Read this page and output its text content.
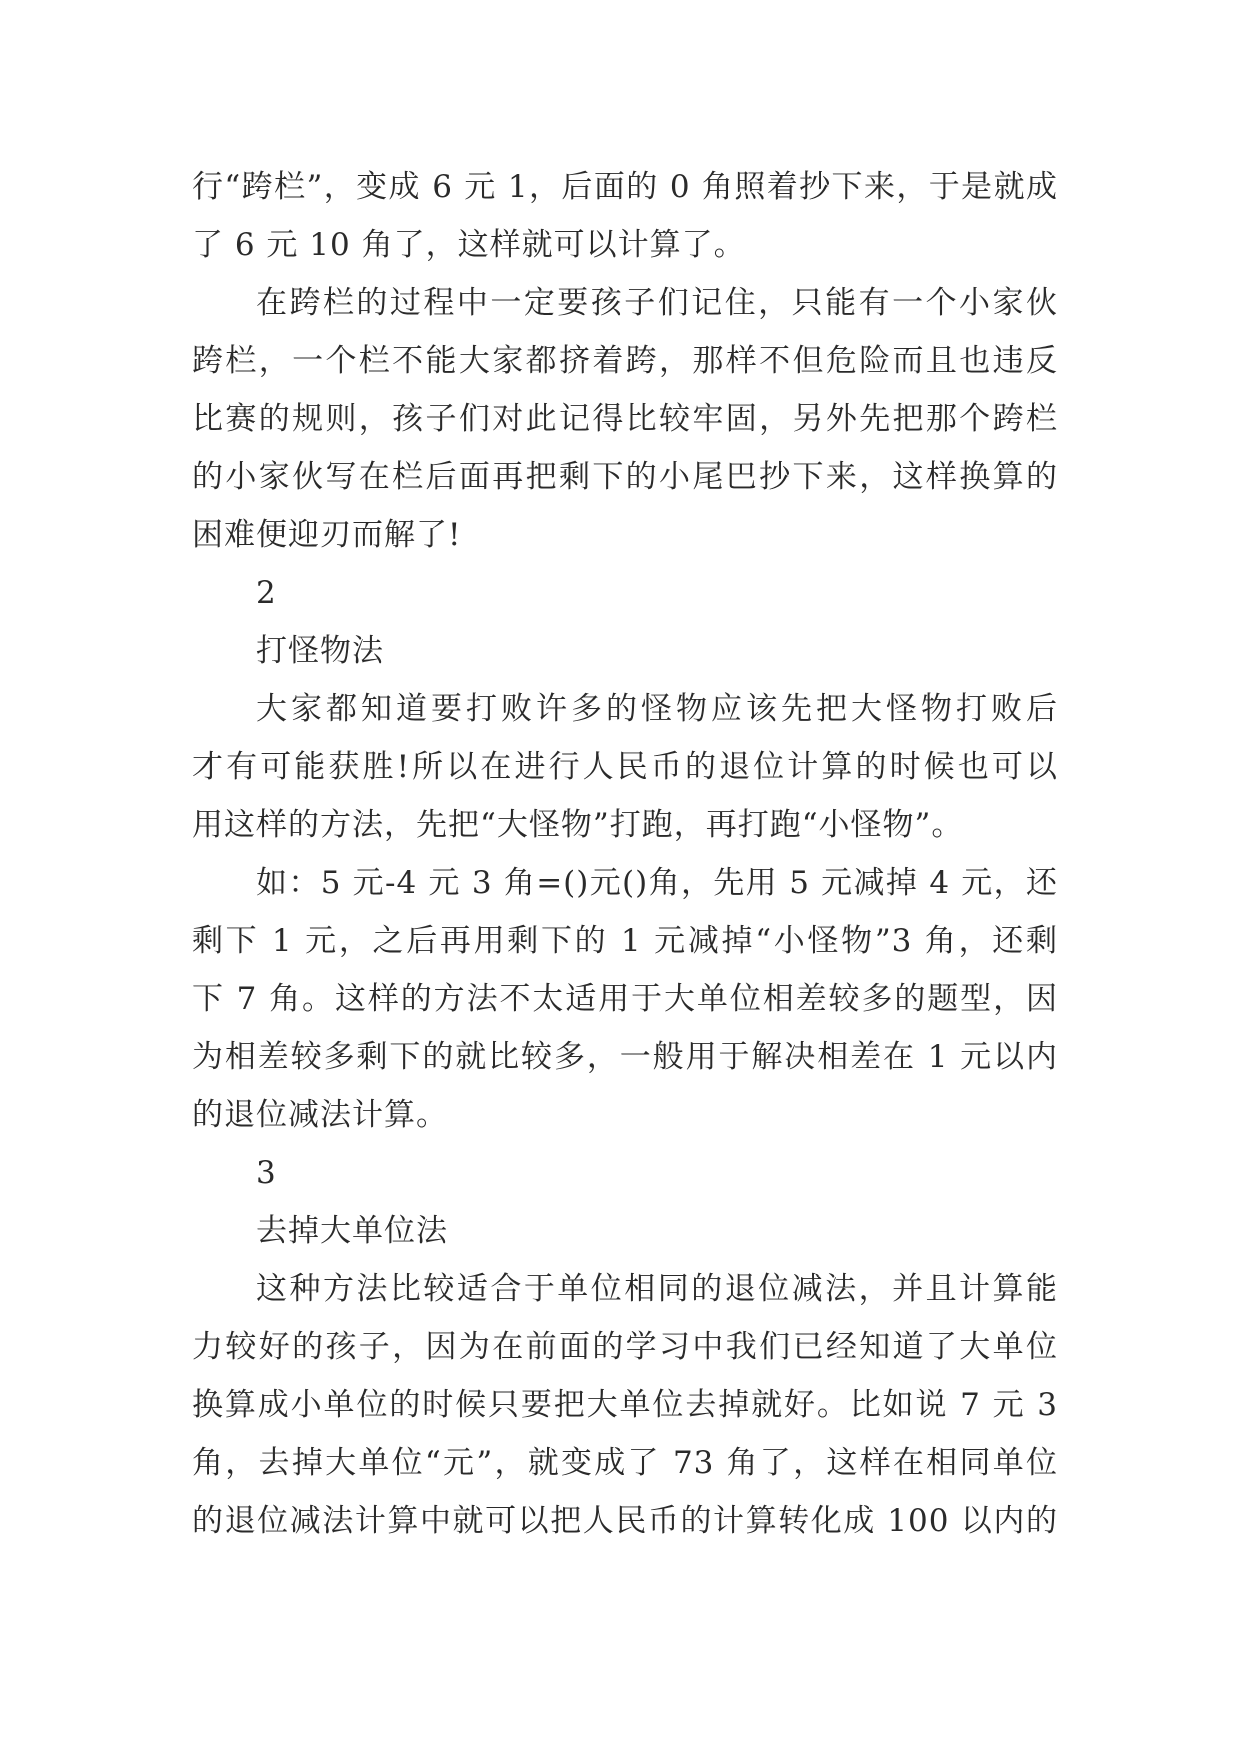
行“跨栏”，变成 6 元 1，后面的 0 角照着抄下来，于是就成
了 6 元 10 角了，这样就可以计算了。
在跨栏的过程中一定要孩子们记住，只能有一个小家伙
跨栏，一个栏不能大家都挤着跨，那样不但危险而且也违反
比赛的规则，孩子们对此记得比较牢固，另外先把那个跨栏
的小家伙写在栏后面再把剩下的小尾巴抄下来，这样换算的
困难便迎刃而解了!
2
打怪物法
大家都知道要打败许多的怪物应该先把大怪物打败后
才有可能获胜!所以在进行人民币的退位计算的时候也可以
用这样的方法，先把“大怪物”打跑，再打跑“小怪物”。
如：5 元-4 元 3 角=()元()角，先用 5 元减掉 4 元，还
剩下 1 元，之后再用剩下的 1 元减掉“小怪物”3 角，还剩
下 7 角。这样的方法不太适用于大单位相差较多的题型，因
为相差较多剩下的就比较多，一般用于解决相差在 1 元以内
的退位减法计算。
3
去掉大单位法
这种方法比较适合于单位相同的退位减法，并且计算能
力较好的孩子，因为在前面的学习中我们已经知道了大单位
换算成小单位的时候只要把大单位去掉就好。比如说 7 元 3
角，去掉大单位“元”，就变成了 73 角了，这样在相同单位
的退位减法计算中就可以把人民币的计算转化成 100 以内的
